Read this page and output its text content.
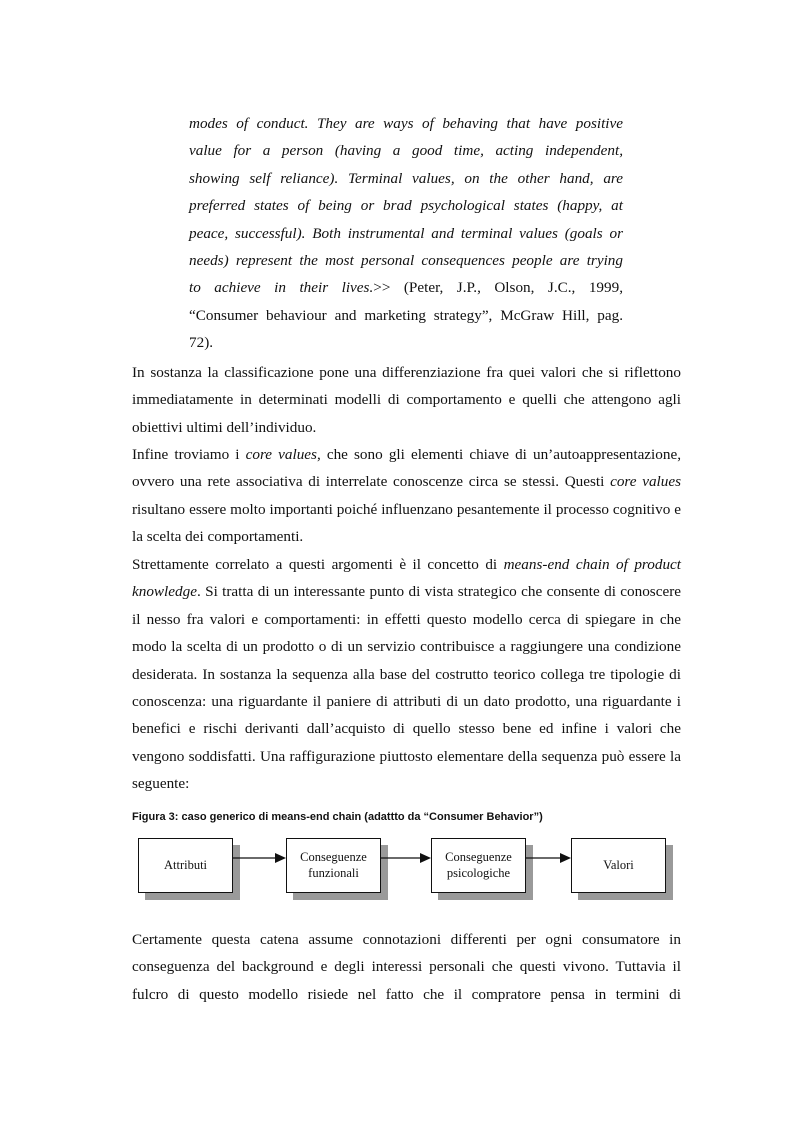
modes of conduct. They are ways of behaving that have positive

value for a person (having a good time, acting independent,

showing self reliance). Terminal values, on the other hand, are

preferred states of being or brad psychological states (happy, at

peace, successful). Both instrumental and terminal values (goals or

needs) represent the most personal consequences people are trying

to achieve in their lives.>> (Peter, J.P., Olson, J.C., 1999,

“Consumer behaviour and marketing strategy”, McGraw Hill, pag.

72).

In sostanza la classificazione pone una differenziazione fra quei valori che si riflettono immediatamente in determinati modelli di comportamento e quelli che attengono agli obiettivi ultimi dell’individuo.

Infine troviamo i core values, che sono gli elementi chiave di un’autoappresentazione, ovvero una rete associativa di interrelate conoscenze circa se stessi. Questi core values risultano essere molto importanti poiché influenzano pesantemente il processo cognitivo e la scelta dei comportamenti.

Strettamente correlato a questi argomenti è il concetto di means-end chain of product knowledge. Si tratta di un interessante punto di vista strategico che consente di conoscere il nesso fra valori e comportamenti: in effetti questo modello cerca di spiegare in che modo la scelta di un prodotto o di un servizio contribuisce a raggiungere una condizione desiderata. In sostanza la sequenza alla base del costrutto teorico collega tre tipologie di conoscenza: una riguardante il paniere di attributi di un dato prodotto, una riguardante i benefici e rischi derivanti dall’acquisto di quello stesso bene ed infine i valori che vengono soddisfatti. Una raffigurazione piuttosto elementare della sequenza può essere la seguente:

Figura 3: caso generico di means-end chain (adattto da “Consumer Behavior”)
Attributi
Conseguenze
funzionali
Conseguenze
psicologiche
Valori

Certamente questa catena assume connotazioni differenti per ogni consumatore in conseguenza del background e degli interessi personali che questi vivono. Tuttavia il fulcro di questo modello risiede nel fatto che il compratore pensa in termini di
